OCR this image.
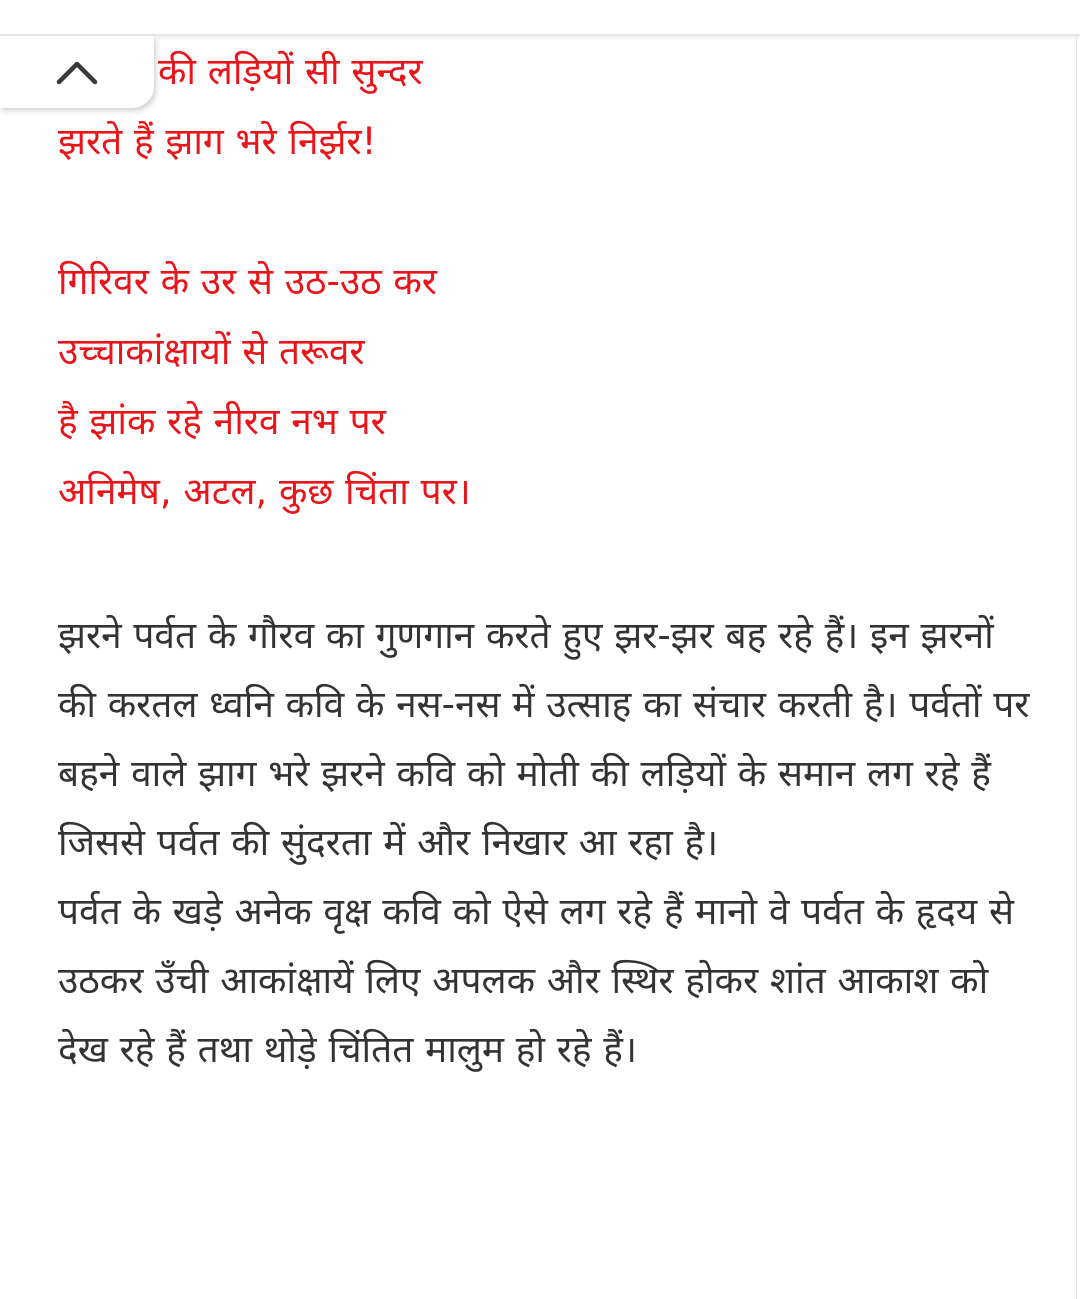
की लड़ियों सी सुन्दर
झरते हैं झाग भरे निर्झर!
गिरिवर के उर से उठ-उठ कर
उच्चाकांक्षायों से तरूवर
है झांक रहे नीरव नभ पर
अनिमेष, अटल, कुछ चिंता पर।
झरने पर्वत के गौरव का गुणगान करते हुए झर-झर बह रहे हैं। इन झरनों की करतल ध्वनि कवि के नस-नस में उत्साह का संचार करती है। पर्वतों पर बहने वाले झाग भरे झरने कवि को मोती की लड़ियों के समान लग रहे हैं जिससे पर्वत की सुंदरता में और निखार आ रहा है।
पर्वत के खड़े अनेक वृक्ष कवि को ऐसे लग रहे हैं मानो वे पर्वत के हृदय से उठकर उँची आकांक्षायें लिए अपलक और स्थिर होकर शांत आकाश को देख रहे हैं तथा थोड़े चिंतित मालुम हो रहे हैं।
